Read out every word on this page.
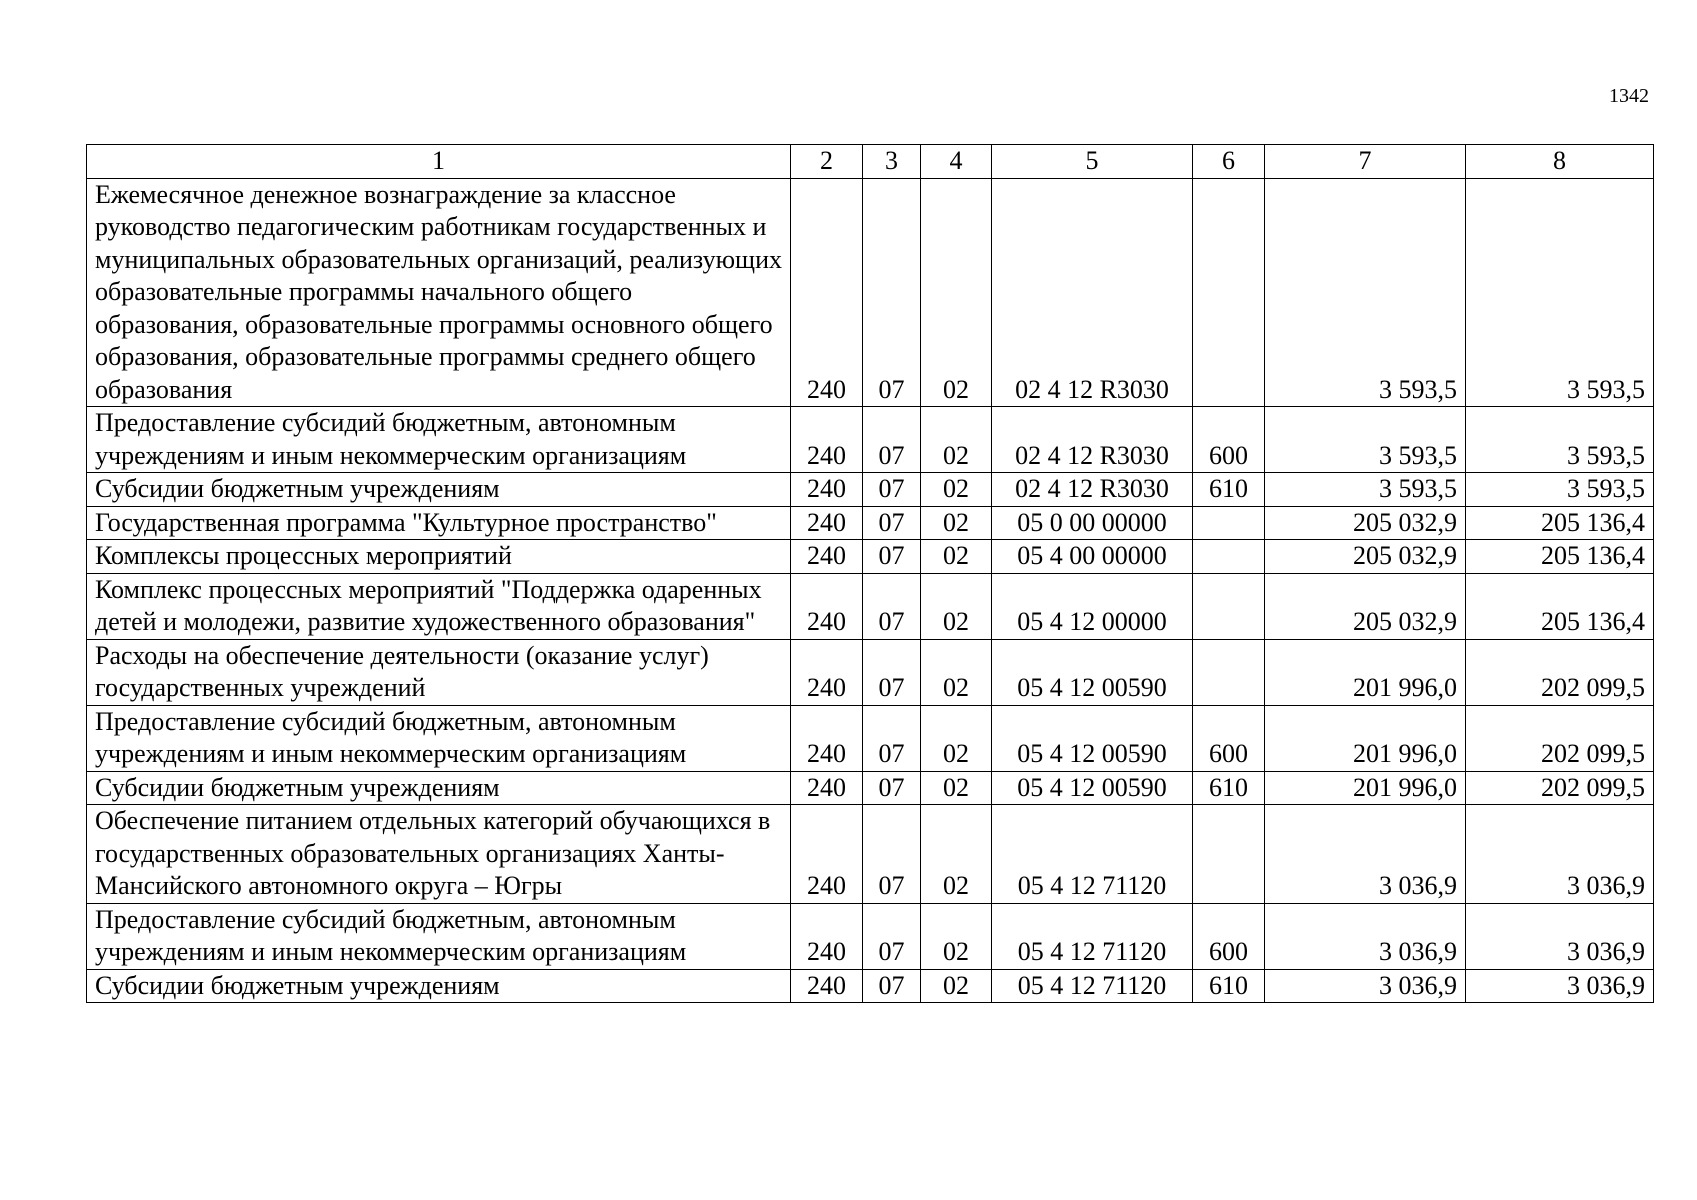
1342
1	2	3	4	5	6	7	8
Ежемесячное денежное вознаграждение за классное руководство педагогическим работникам государственных и муниципальных образовательных организаций, реализующих образовательные программы начального общего образования, образовательные программы основного общего образования, образовательные программы среднего общего образования	240	07	02	02 4 12 R3030		3 593,5	3 593,5
Предоставление субсидий бюджетным, автономным учреждениям и иным некоммерческим организациям	240	07	02	02 4 12 R3030	600	3 593,5	3 593,5
Субсидии бюджетным учреждениям	240	07	02	02 4 12 R3030	610	3 593,5	3 593,5
Государственная программа "Культурное пространство"	240	07	02	05 0 00 00000		205 032,9	205 136,4
Комплексы процессных мероприятий	240	07	02	05 4 00 00000		205 032,9	205 136,4
Комплекс процессных мероприятий "Поддержка одаренных детей и молодежи, развитие художественного образования"	240	07	02	05 4 12 00000		205 032,9	205 136,4
Расходы на обеспечение деятельности (оказание услуг) государственных учреждений	240	07	02	05 4 12 00590		201 996,0	202 099,5
Предоставление субсидий бюджетным, автономным учреждениям и иным некоммерческим организациям	240	07	02	05 4 12 00590	600	201 996,0	202 099,5
Субсидии бюджетным учреждениям	240	07	02	05 4 12 00590	610	201 996,0	202 099,5
Обеспечение питанием отдельных категорий обучающихся в государственных образовательных организациях Ханты-Мансийского автономного округа – Югры	240	07	02	05 4 12 71120		3 036,9	3 036,9
Предоставление субсидий бюджетным, автономным учреждениям и иным некоммерческим организациям	240	07	02	05 4 12 71120	600	3 036,9	3 036,9
Субсидии бюджетным учреждениям	240	07	02	05 4 12 71120	610	3 036,9	3 036,9
